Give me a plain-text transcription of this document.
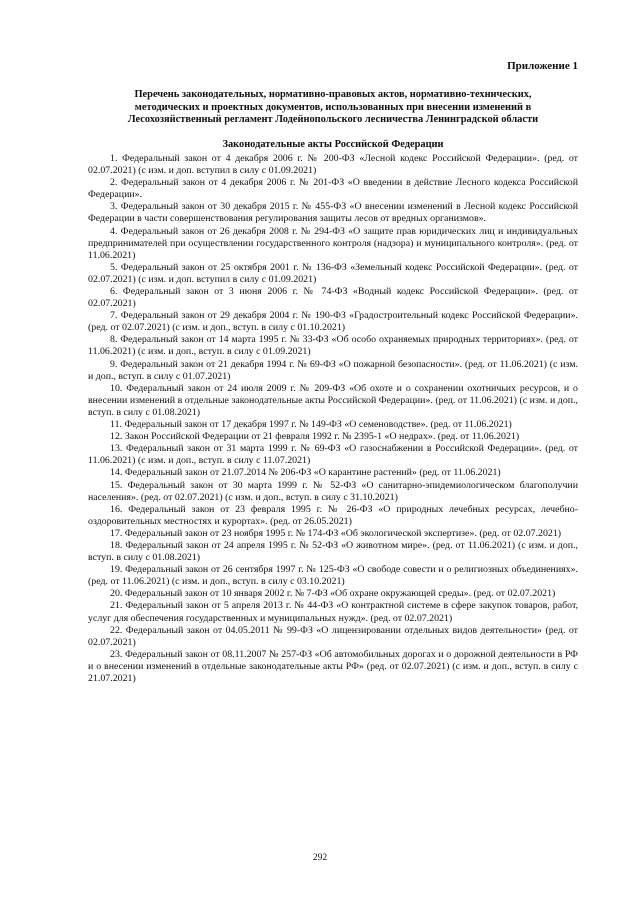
Приложение 1
Перечень законодательных, нормативно-правовых актов, нормативно-технических,
методических и проектных документов, использованных при внесении изменений в
Лесохозяйственный регламент Лодейнопольского лесничества Ленинградской области
Законодательные акты Российской Федерации

1. Федеральный закон от 4 декабря 2006 г. № 200-ФЗ «Лесной кодекс Российской Федерации». (ред. от 02.07.2021) (с изм. и доп. вступил в силу с 01.09.2021)

2. Федеральный закон от 4 декабря 2006 г. № 201-ФЗ «О введении в действие Лесного кодекса Российской Федерации».

3. Федеральный закон от 30 декабря 2015 г. № 455-ФЗ «О внесении изменений в Лесной кодекс Российской Федерации в части совершенствования регулирования защиты лесов от вредных организмов».

4. Федеральный закон от 26 декабря 2008 г. № 294-ФЗ «О защите прав юридических лиц и индивидуальных предпринимателей при осуществлении государственного контроля (надзора) и муниципального контроля». (ред. от 11.06.2021)

5. Федеральный закон от 25 октября 2001 г. № 136-ФЗ «Земельный кодекс Российской Федерации». (ред. от 02.07.2021) (с изм. и доп. вступил в силу с 01.09.2021)

6. Федеральный закон от 3 июня 2006 г. № 74-ФЗ «Водный кодекс Российской Федерации». (ред. от 02.07.2021)

7. Федеральный закон от 29 декабря 2004 г. № 190-ФЗ «Градостроительный кодекс Российской Федерации». (ред. от 02.07.2021) (с изм. и доп., вступ. в силу с 01.10.2021)

8. Федеральный закон от 14 марта 1995 г. № 33-ФЗ «Об особо охраняемых природных территориях». (ред. от 11.06.2021) (с изм. и доп., вступ. в силу с 01.09.2021)

9. Федеральный закон от 21 декабря 1994 г. № 69-ФЗ «О пожарной безопасности». (ред. от 11.06.2021) (с изм. и доп., вступ. в силу с 01.07.2021)

10. Федеральный закон от 24 июля 2009 г. № 209-ФЗ «Об охоте и о сохранении охотничьих ресурсов, и о внесении изменений в отдельные законодательные акты Российской Федерации». (ред. от 11.06.2021) (с изм. и доп., вступ. в силу с 01.08.2021)

11. Федеральный закон от 17 декабря 1997 г. № 149-ФЗ «О семеноводстве». (ред. от 11.06.2021)

12. Закон Российской Федерации от 21 февраля 1992 г. № 2395-1 «О недрах». (ред. от 11.06.2021)

13. Федеральный закон от 31 марта 1999 г. № 69-ФЗ «О газоснабжении в Российской Федерации». (ред. от 11.06.2021) (с изм. и доп., вступ. в силу с 11.07.2021)

14. Федеральный закон от 21.07.2014 № 206-ФЗ «О карантине растений» (ред. от 11.06.2021)

15. Федеральный закон от 30 марта 1999 г. № 52-ФЗ «О санитарно-эпидемиологическом благополучии населения». (ред. от 02.07.2021) (с изм. и доп., вступ. в силу с 31.10.2021)

16. Федеральный закон от 23 февраля 1995 г. № 26-ФЗ «О природных лечебных ресурсах, лечебно-оздоровительных местностях и курортах». (ред. от 26.05.2021)

17. Федеральный закон от 23 ноября 1995 г. № 174-ФЗ «Об экологической экспертизе». (ред. от 02.07.2021)

18. Федеральный закон от 24 апреля 1995 г. № 52-ФЗ «О животном мире». (ред. от 11.06.2021) (с изм. и доп., вступ. в силу с 01.08.2021)

19. Федеральный закон от 26 сентября 1997 г. № 125-ФЗ «О свободе совести и о религиозных объединениях». (ред. от 11.06.2021) (с изм. и доп., вступ. в силу с 03.10.2021)

20. Федеральный закон от 10 января 2002 г. № 7-ФЗ «Об охране окружающей среды». (ред. от 02.07.2021)

21. Федеральный закон от 5 апреля 2013 г. № 44-ФЗ «О контрактной системе в сфере закупок товаров, работ, услуг для обеспечения государственных и муниципальных нужд». (ред. от 02.07.2021)

22. Федеральный закон от 04.05.2011 № 99-ФЗ «О лицензировании отдельных видов деятельности» (ред. от 02.07.2021)

23. Федеральный закон от 08.11.2007 № 257-ФЗ «Об автомобильных дорогах и о дорожной деятельности в РФ и о внесении изменений в отдельные законодательные акты РФ» (ред. от 02.07.2021) (с изм. и доп., вступ. в силу с 21.07.2021)

292
